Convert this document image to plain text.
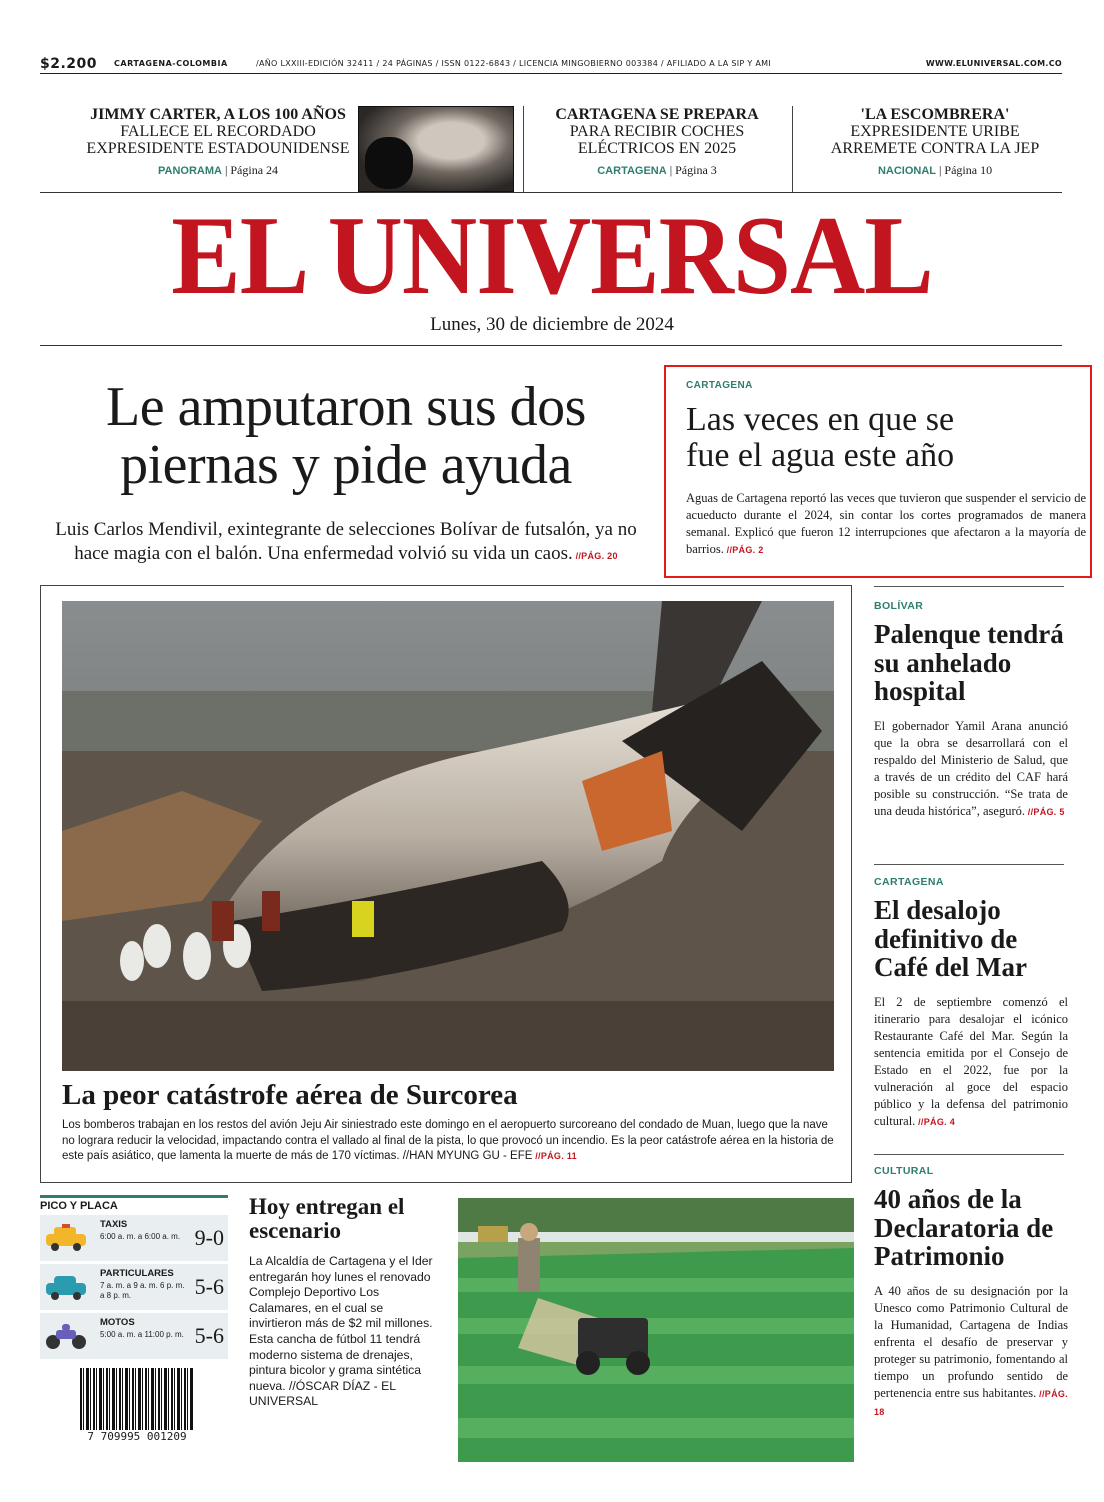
$2.200 CARTAGENA-COLOMBIA	/AÑO LXXIII-EDICIÓN 32411 / 24 PÁGINAS / ISSN 0122-6843 / LICENCIA MINGOBIERNO 003384 / AFILIADO A LA SIP Y AMI	WWW.ELUNIVERSAL.COM.CO
JIMMY CARTER, A LOS 100 AÑOS
FALLECE EL RECORDADO
EXPRESIDENTE ESTADOUNIDENSE
PANORAMA | Página 24
CARTAGENA SE PREPARA
PARA RECIBIR COCHES
ELÉCTRICOS EN 2025
CARTAGENA | Página 3
'LA ESCOMBRERA'
EXPRESIDENTE URIBE
ARREMETE CONTRA LA JEP
NACIONAL | Página 10
EL UNIVERSAL
Lunes, 30 de diciembre de 2024
Le amputaron sus dos
piernas y pide ayuda
Luis Carlos Mendivil, exintegrante de selecciones Bolívar de futsalón, ya no hace magia con el balón. Una enfermedad volvió su vida un caos. //PÁG. 20
CARTAGENA
Las veces en que se
fue el agua este año
Aguas de Cartagena reportó las veces que tuvieron que suspender el servicio de acueducto durante el 2024, sin contar los cortes programados de manera semanal. Explicó que fueron 12 interrupciones que afectaron a la mayoría de barrios. //PÁG. 2
La peor catástrofe aérea de Surcorea
Los bomberos trabajan en los restos del avión Jeju Air siniestrado este domingo en el aeropuerto surcoreano del condado de Muan, luego que la nave no lograra reducir la velocidad, impactando contra el vallado al final de la pista, lo que provocó un incendio. Es la peor catástrofe aérea en la historia de este país asiático, que lamenta la muerte de más de 170 víctimas. //HAN MYUNG GU - EFE //PÁG. 11
BOLÍVAR
Palenque tendrá su anhelado hospital
El gobernador Yamil Arana anunció que la obra se desarrollará con el respaldo del Ministerio de Salud, que a través de un crédito del CAF hará posible su construcción. “Se trata de una deuda histórica”, aseguró. //PÁG. 5
CARTAGENA
El desalojo definitivo de Café del Mar
El 2 de septiembre comenzó el itinerario para desalojar el icónico Restaurante Café del Mar. Según la sentencia emitida por el Consejo de Estado en el 2022, fue por la vulneración al goce del espacio público y la defensa del patrimonio cultural. //PÁG. 4
CULTURAL
40 años de la Declaratoria de Patrimonio
A 40 años de su designación por la Unesco como Patrimonio Cultural de la Humanidad, Cartagena de Indias enfrenta el desafío de preservar y proteger su patrimonio, fomentando al tiempo un profundo sentido de pertenencia entre sus habitantes. //PÁG. 18
PICO Y PLACA
TAXIS
6:00 a. m. a 6:00 a. m. 9-0
PARTICULARES
7 a. m. a 9 a. m. 6 p. m. a 8 p. m.	5-6
MOTOS
5:00 a. m. a 11:00 p. m. 5-6
7 709995 001209
Hoy entregan el escenario
La Alcaldía de Cartagena y el Ider entregarán hoy lunes el renovado Complejo Deportivo Los Calamares, en el cual se invirtieron más de $2 mil millones. Esta cancha de fútbol 11 tendrá moderno sistema de drenajes, pintura bicolor y grama sintética nueva. //ÓSCAR DÍAZ - EL UNIVERSAL
